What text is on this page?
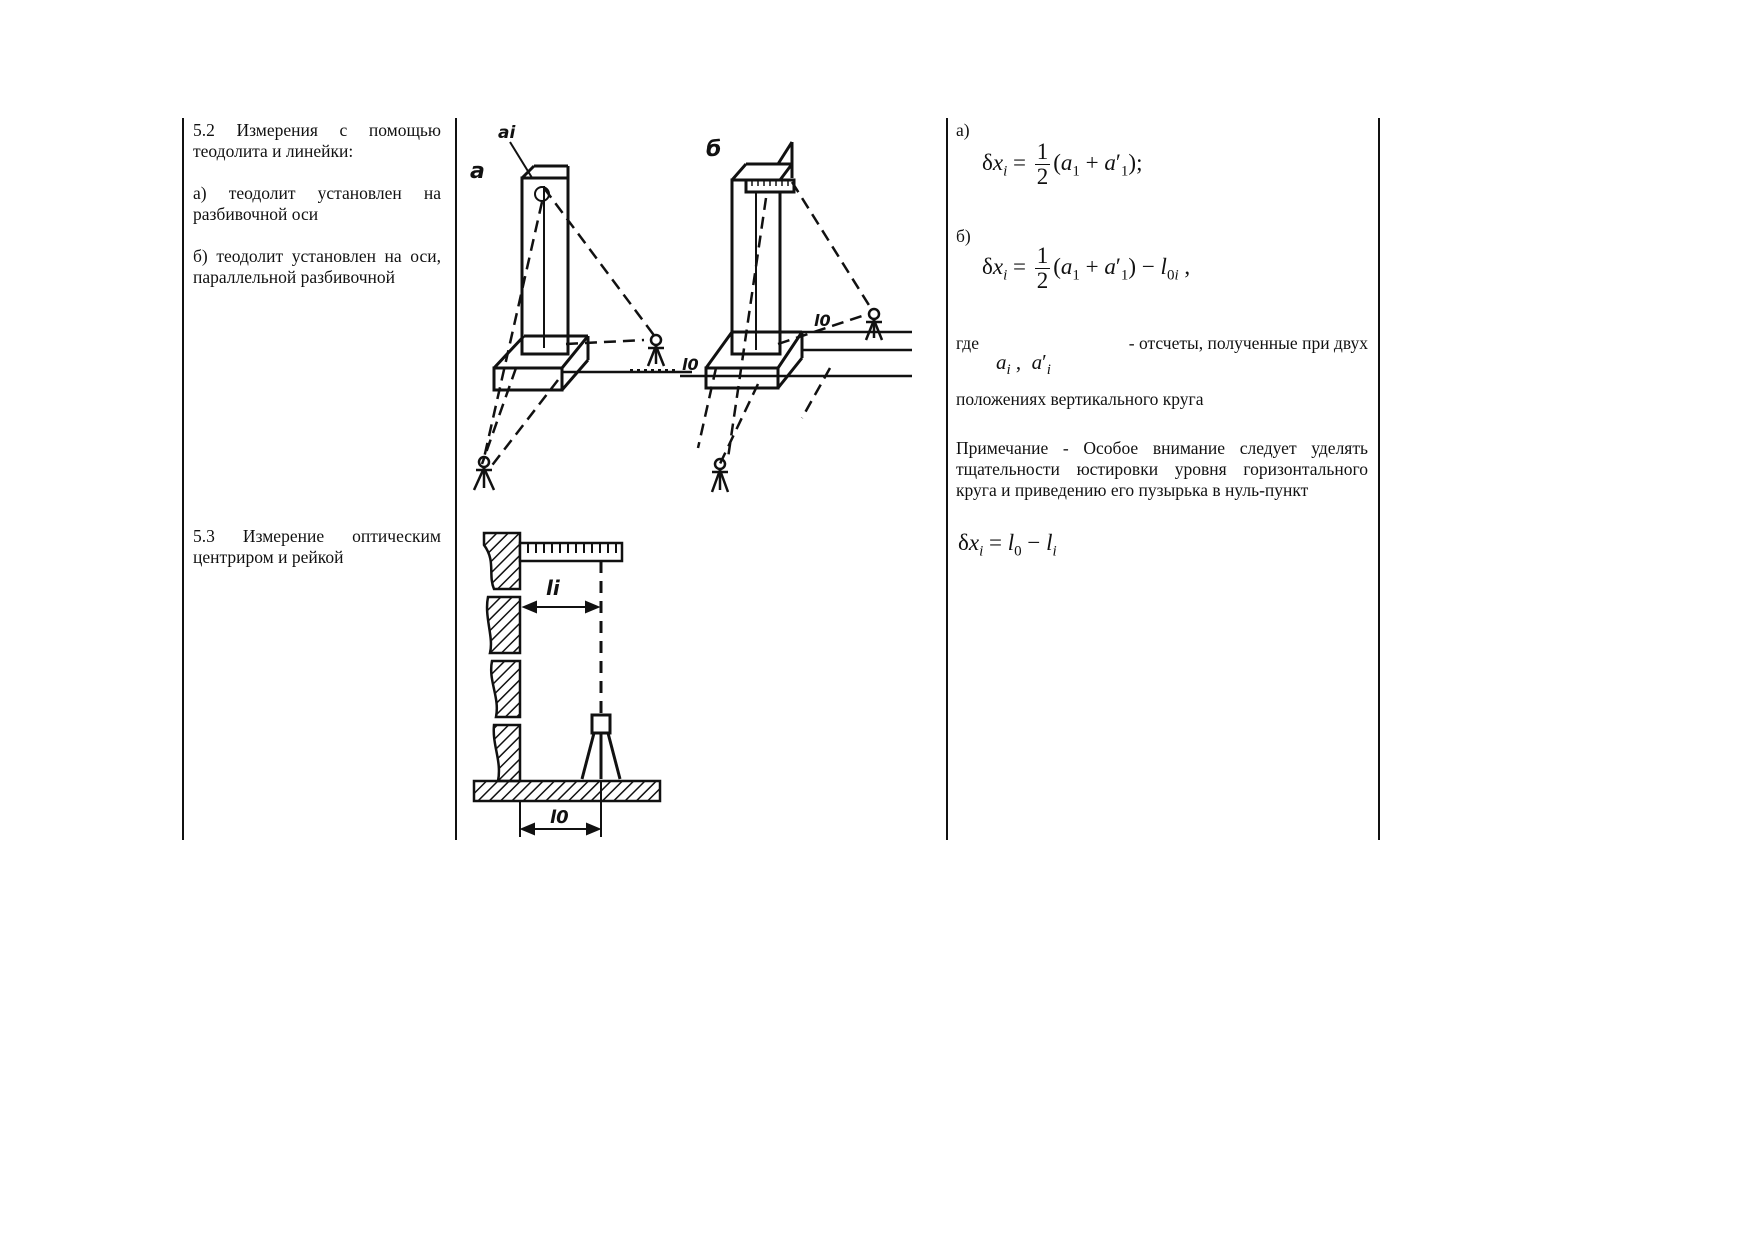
5.2 Измерения с помощью теодолита и линейки:

а) теодолит установлен на разбивочной оси

б) теодолит установлен на оси, параллельной разбивочной

5.3 Измерение оптическим центриром и рейкой

а
ai
б
l0
l0
li
l0
а)
$\delta x_i = \frac{1}{2} (a_1 + a'_1)$;
б)
$\delta x_i = \frac{1}{2} (a_1 + a'_1) - l_{0i}$ ,
где	- отсчеты, полученные при двух
$a_i$ ,  $a'_i$
положениях вертикального круга
Примечание - Особое внимание следует уделять тщательности юстировки уровня горизонтального круга и приведению его пузырька в нуль-пункт
$\delta x_i = l_0 - l_i$
